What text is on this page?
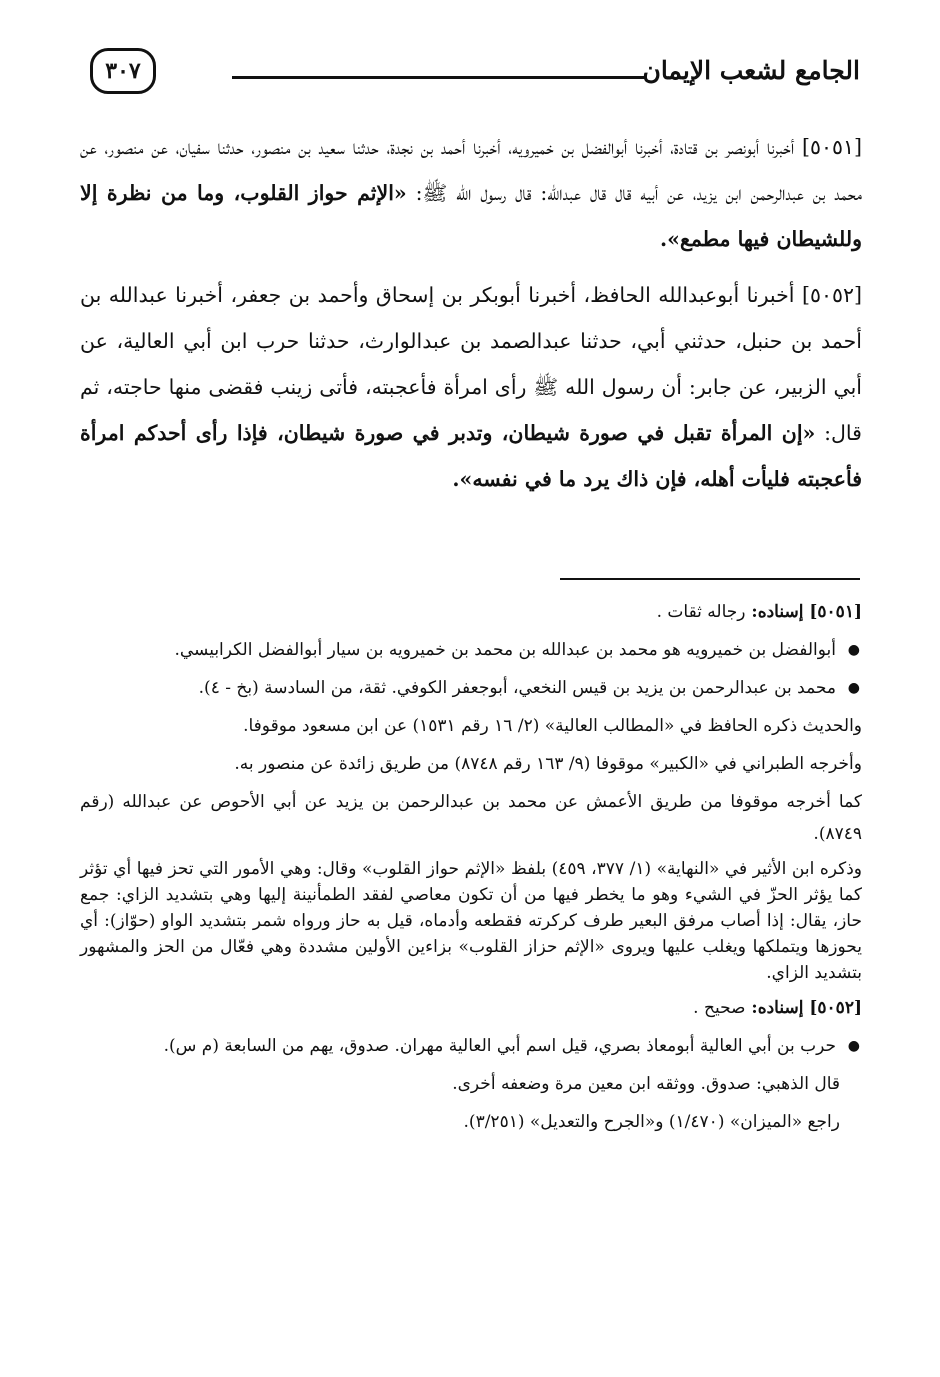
الجامع لشعب الإيمان
٣٠٧

[٥٠٥١] أخبرنا أبونصر بن قتادة، أخبرنا أبوالفضل بن خميرويه، أخبرنا أحمد بن نجدة، حدثنا سعيد بن منصور، حدثنا سفيان، عن منصور، عن محمد بن عبدالرحمن ابن يزيد، عن أبيه قال قال عبدالله: قال رسول الله ﷺ: «الإثم حواز القلوب، وما من نظرة إلا وللشيطان فيها مطمع».

[٥٠٥٢] أخبرنا أبوعبدالله الحافظ، أخبرنا أبوبكر بن إسحاق وأحمد بن جعفر، أخبرنا عبدالله بن أحمد بن حنبل، حدثني أبي، حدثنا عبدالصمد بن عبدالوارث، حدثنا حرب ابن أبي العالية، عن أبي الزبير، عن جابر: أن رسول الله ﷺ رأى امرأة فأعجبته، فأتى زينب فقضى منها حاجته، ثم قال: «إن المرأة تقبل في صورة شيطان، وتدبر في صورة شيطان، فإذا رأى أحدكم امرأة فأعجبته فليأت أهله، فإن ذاك يرد ما في نفسه».

[٥٠٥١] إسناده: رجاله ثقات .

● أبوالفضل بن خميرويه هو محمد بن عبدالله بن محمد بن خميرويه بن سيار أبوالفضل الكرابيسي.

● محمد بن عبدالرحمن بن يزيد بن قيس النخعي، أبوجعفر الكوفي. ثقة، من السادسة (بخ - ٤).

والحديث ذكره الحافظ في «المطالب العالية» (٢/ ١٦ رقم ١٥٣١) عن ابن مسعود موقوفا.

وأخرجه الطبراني في «الكبير» موقوفا (٩/ ١٦٣ رقم ٨٧٤٨) من طريق زائدة عن منصور به.

كما أخرجه موقوفا من طريق الأعمش عن محمد بن عبدالرحمن بن يزيد عن أبي الأحوص عن عبدالله (رقم ٨٧٤٩).

وذكره ابن الأثير في «النهاية» (١/ ٣٧٧، ٤٥٩) بلفظ «الإثم حواز القلوب» وقال: وهي الأمور التي تحز فيها أي تؤثر كما يؤثر الحزّ في الشيء وهو ما يخطر فيها من أن تكون معاصي لفقد الطمأنينة إليها وهي بتشديد الزاي: جمع حاز، يقال: إذا أصاب مرفق البعير طرف كركرته فقطعه وأدماه، قيل به حاز ورواه شمر بتشديد الواو (حوّاز): أي يحوزها ويتملكها ويغلب عليها ويروى «الإثم حزاز القلوب» بزاءين الأولين مشددة وهي فعّال من الحز والمشهور بتشديد الزاي.

[٥٠٥٢] إسناده: صحيح .

● حرب بن أبي العالية أبومعاذ بصري، قيل اسم أبي العالية مهران. صدوق، يهم من السابعة (م س).

قال الذهبي: صدوق. ووثقه ابن معين مرة وضعفه أخرى.

راجع «الميزان» (١/٤٧٠) و«الجرح والتعديل» (٣/٢٥١).
